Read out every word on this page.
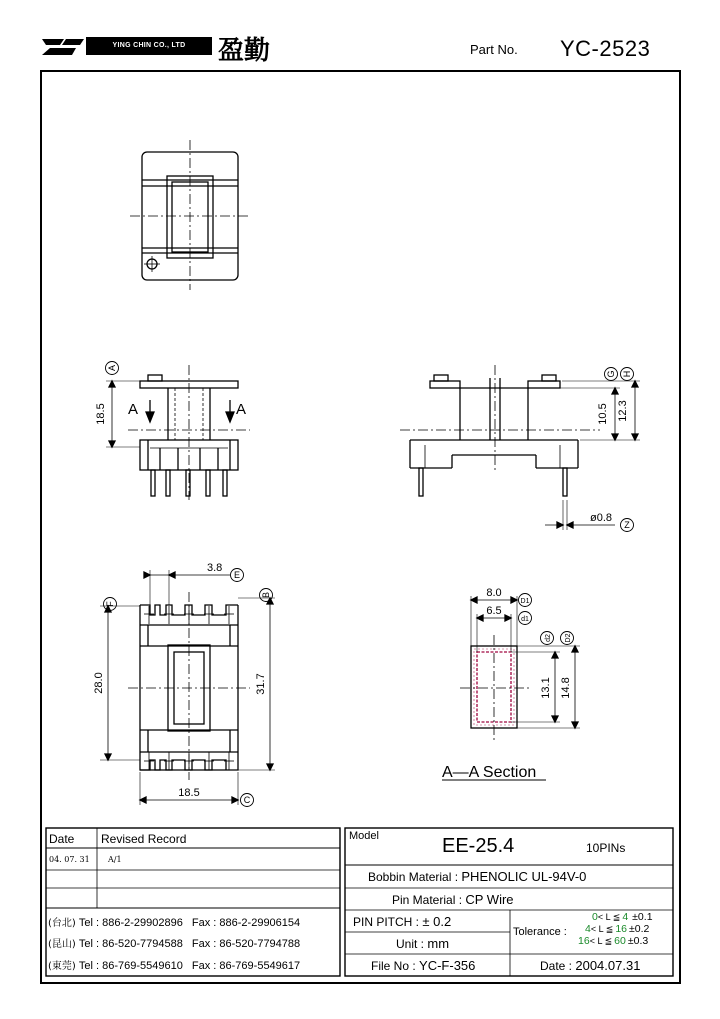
YING CHIN CO., LTD	盈勤	Part No. YC-2523
A
G H
Z
E
F
B
C
D1
d1
d2 D2
A	A
18.5	10.5 12.3
ø0.8
3.8
28.0	31.7
18.5
8.0
6.5
13.1 14.8
A—A Section
Date Revised Record
04. 07. 31 A/1
(台北) Tel : 886-2-29902896 Fax : 886-2-29906154
(昆山) Tel : 86-520-7794588 Fax : 86-520-7794788
(東莞) Tel : 86-769-5549610 Fax : 86-769-5549617
Model	EE-25.4	10PINs
Bobbin Material : PHENOLIC UL-94V-0
Pin Material : CP Wire
PIN PITCH : ± 0.2
Unit : mm
File No : YC-F-356
Tolerance :
0< L ≦ 4 ±0.1
4< L ≦ 16 ±0.2
16< L ≦ 60 ±0.3
Date : 2004.07.31
